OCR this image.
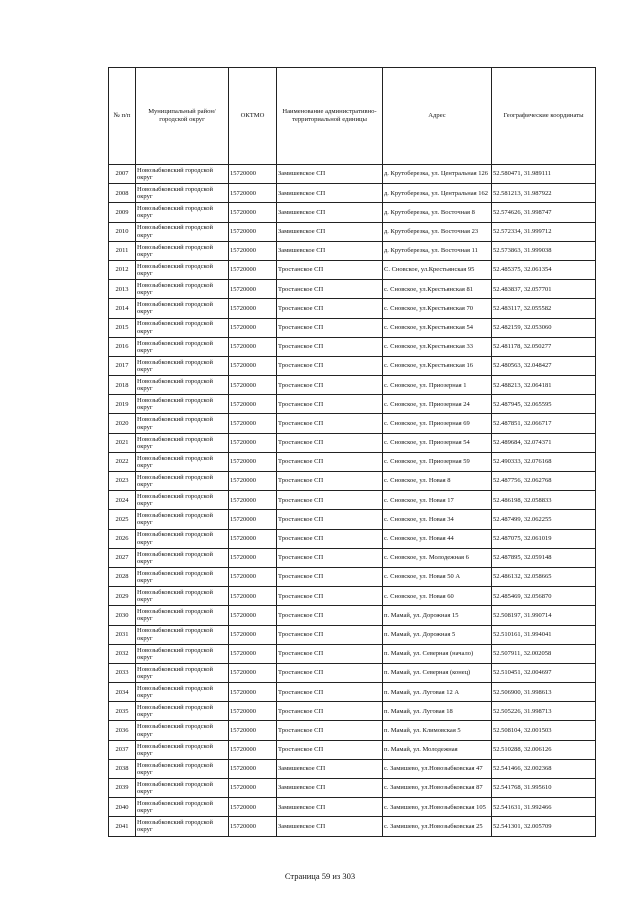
№ п/п	Муниципальный район/городской округ	ОКТМО	Наименование административно-территориальной единицы	Адрес	Географические координаты
2007	Новозыбковский городской округ	15720000	Замишевское СП	д. Крутоберезка, ул. Центральная 126	52.580471, 31.989111
2008	Новозыбковский городской округ	15720000	Замишевское СП	д. Крутоберезка, ул. Центральная 162	52.581213, 31.987922
2009	Новозыбковский городской округ	15720000	Замишевское СП	д. Крутоберезка, ул. Восточная 8	52.574626, 31.998747
2010	Новозыбковский городской округ	15720000	Замишевское СП	д. Крутоберезка, ул. Восточная 23	52.572334, 31.999712
2011	Новозыбковский городской округ	15720000	Замишевское СП	д. Крутоберезка, ул. Восточная 11	52.573863, 31.999038
2012	Новозыбковский городской округ	15720000	Тростанское СП	С. Сновское, ул.Крестьянская 95	52.485375, 32.061354
2013	Новозыбковский городской округ	15720000	Тростанское СП	с. Сновское, ул.Крестьянская 81	52.483837, 32.057701
2014	Новозыбковский городской округ	15720000	Тростанское СП	с. Сновское, ул.Крестьянская 70	52.483117, 32.055582
2015	Новозыбковский городской округ	15720000	Тростанское СП	с. Сновское, ул.Крестьянская 54	52.482159, 32.053060
2016	Новозыбковский городской округ	15720000	Тростанское СП	с. Сновское, ул.Крестьянская 33	52.481178, 32.050277
2017	Новозыбковский городской округ	15720000	Тростанское СП	с. Сновское, ул.Крестьянская 16	52.480563, 32.048427
2018	Новозыбковский городской округ	15720000	Тростанское СП	с. Сновское, ул. Приозерная 1	52.488213, 32.064181
2019	Новозыбковский городской округ	15720000	Тростанское СП	с. Сновское, ул. Приозерная 24	52.487945, 32.065595
2020	Новозыбковский городской округ	15720000	Тростанское СП	с. Сновское, ул. Приозерная 69	52.487851, 32.066717
2021	Новозыбковский городской округ	15720000	Тростанское СП	с. Сновское, ул. Приозерная 54	52.489684, 32.074371
2022	Новозыбковский городской округ	15720000	Тростанское СП	с. Сновское, ул. Приозерная 59	52.490333, 32.076168
2023	Новозыбковский городской округ	15720000	Тростанское СП	с. Сновское, ул. Новая 8	52.487756, 32.062768
2024	Новозыбковский городской округ	15720000	Тростанское СП	с. Сновское, ул. Новая 17	52.486198, 32.058833
2025	Новозыбковский городской округ	15720000	Тростанское СП	с. Сновское, ул. Новая 34	52.487499, 32.062255
2026	Новозыбковский городской округ	15720000	Тростанское СП	с. Сновское, ул. Новая 44	52.487075, 32.061019
2027	Новозыбковский городской округ	15720000	Тростанское СП	с. Сновское, ул. Молодежная 6	52.487895, 32.059148
2028	Новозыбковский городской округ	15720000	Тростанское СП	с. Сновское, ул. Новая 50 А	52.486132, 32.058665
2029	Новозыбковский городской округ	15720000	Тростанское СП	с. Сновское, ул. Новая 60	52.485469, 32.056870
2030	Новозыбковский городской округ	15720000	Тростанское СП	п. Мамай, ул. Дорожная 15	52.508197, 31.990714
2031	Новозыбковский городской округ	15720000	Тростанское СП	п. Мамай, ул. Дорожная 5	52.510161, 31.994041
2032	Новозыбковский городской округ	15720000	Тростанское СП	п. Мамай, ул. Северная (начало)	52.507911, 32.002058
2033	Новозыбковский городской округ	15720000	Тростанское СП	п. Мамай, ул. Северная (конец)	52.510451, 32.004697
2034	Новозыбковский городской округ	15720000	Тростанское СП	п. Мамай, ул. Луговая 12 А	52.506900, 31.998613
2035	Новозыбковский городской округ	15720000	Тростанское СП	п. Мамай, ул. Луговая 18	52.505226, 31.998713
2036	Новозыбковский городской округ	15720000	Тростанское СП	п. Мамай, ул. Климовская 5	52.508104, 32.001503
2037	Новозыбковский городской округ	15720000	Тростанское СП	п. Мамай, ул. Молодежная	52.510288, 32.006126
2038	Новозыбковский городской округ	15720000	Замишевское СП	с. Замишево, ул.Новозыбковская 47	52.541466, 32.002368
2039	Новозыбковский городской округ	15720000	Замишевское СП	с. Замишево, ул.Новозыбковская 87	52.541768, 31.995610
2040	Новозыбковский городской округ	15720000	Замишевское СП	с. Замишево, ул.Новозыбковская 105	52.541631, 31.992466
2041	Новозыбковский городской округ	15720000	Замишевское СП	с. Замишево, ул.Новозыбковская 25	52.541301, 32.005709
Страница 59 из 303
